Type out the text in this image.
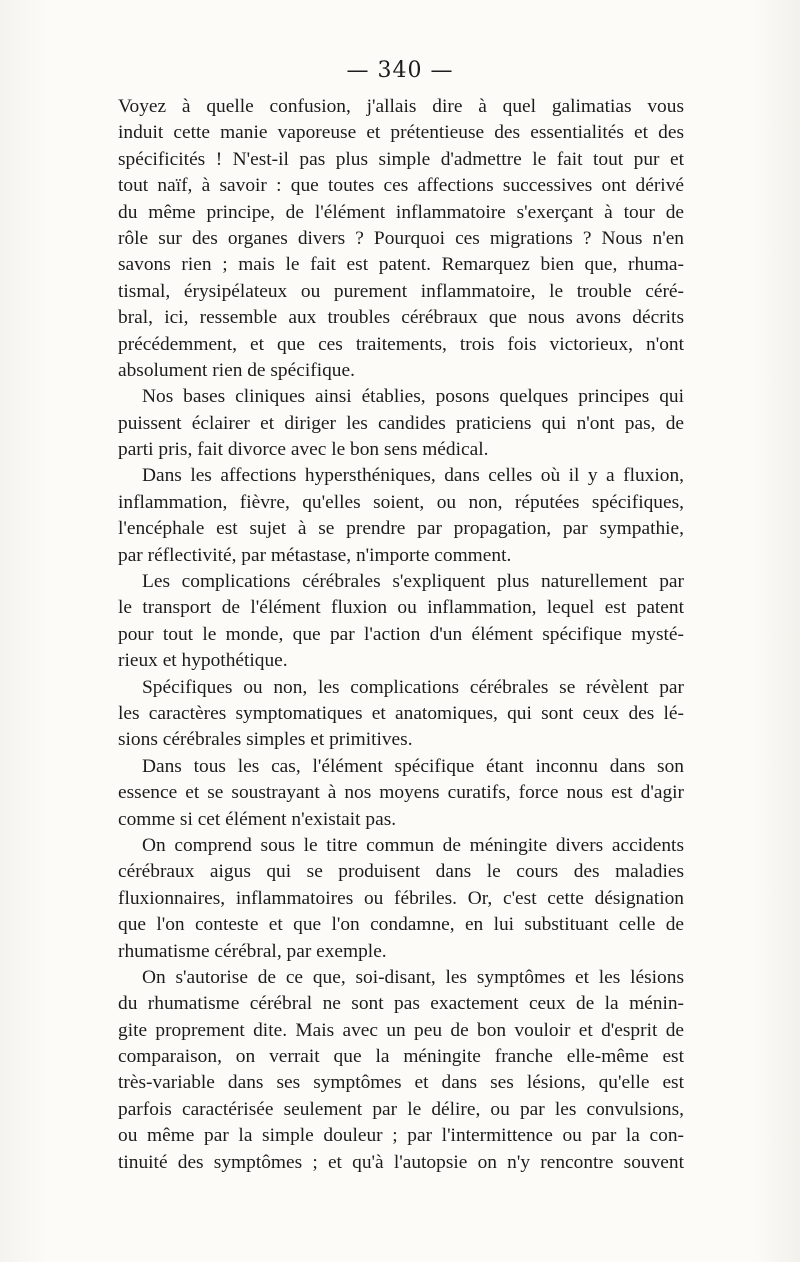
— 340 —
Voyez à quelle confusion, j'allais dire à quel galimatias vous
induit cette manie vaporeuse et prétentieuse des essentialités et des
spécificités ! N'est-il pas plus simple d'admettre le fait tout pur et
tout naïf, à savoir : que toutes ces affections successives ont dérivé
du même principe, de l'élément inflammatoire s'exerçant à tour de
rôle sur des organes divers ? Pourquoi ces migrations ? Nous n'en
savons rien ; mais le fait est patent. Remarquez bien que, rhuma-
tismal, érysipélateux ou purement inflammatoire, le trouble céré-
bral, ici, ressemble aux troubles cérébraux que nous avons décrits
précédemment, et que ces traitements, trois fois victorieux, n'ont
absolument rien de spécifique.
Nos bases cliniques ainsi établies, posons quelques principes qui
puissent éclairer et diriger les candides praticiens qui n'ont pas, de
parti pris, fait divorce avec le bon sens médical.
Dans les affections hypersthéniques, dans celles où il y a fluxion,
inflammation, fièvre, qu'elles soient, ou non, réputées spécifiques,
l'encéphale est sujet à se prendre par propagation, par sympathie,
par réflectivité, par métastase, n'importe comment.
Les complications cérébrales s'expliquent plus naturellement par
le transport de l'élément fluxion ou inflammation, lequel est patent
pour tout le monde, que par l'action d'un élément spécifique mysté-
rieux et hypothétique.
Spécifiques ou non, les complications cérébrales se révèlent par
les caractères symptomatiques et anatomiques, qui sont ceux des lé-
sions cérébrales simples et primitives.
Dans tous les cas, l'élément spécifique étant inconnu dans son
essence et se soustrayant à nos moyens curatifs, force nous est d'agir
comme si cet élément n'existait pas.
On comprend sous le titre commun de méningite divers accidents
cérébraux aigus qui se produisent dans le cours des maladies
fluxionnaires, inflammatoires ou fébriles. Or, c'est cette désignation
que l'on conteste et que l'on condamne, en lui substituant celle de
rhumatisme cérébral, par exemple.
On s'autorise de ce que, soi-disant, les symptômes et les lésions
du rhumatisme cérébral ne sont pas exactement ceux de la ménin-
gite proprement dite. Mais avec un peu de bon vouloir et d'esprit de
comparaison, on verrait que la méningite franche elle-même est
très-variable dans ses symptômes et dans ses lésions, qu'elle est
parfois caractérisée seulement par le délire, ou par les convulsions,
ou même par la simple douleur ; par l'intermittence ou par la con-
tinuité des symptômes ; et qu'à l'autopsie on n'y rencontre souvent
